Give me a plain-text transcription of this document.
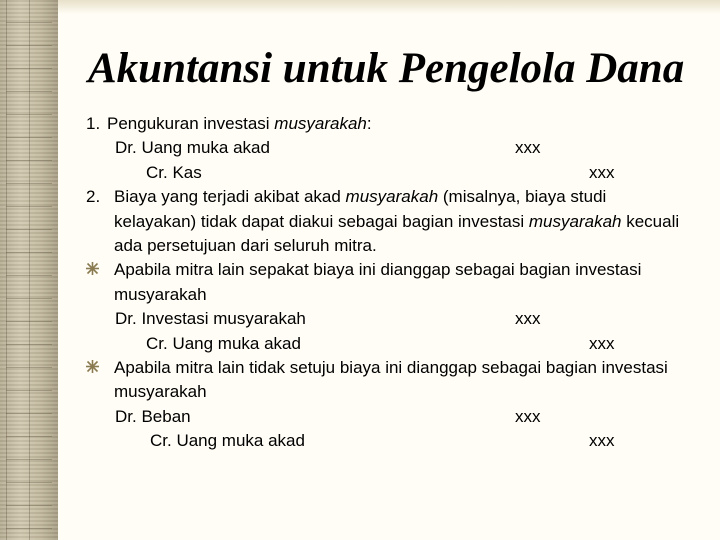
Akuntansi untuk Pengelola Dana
1. Pengukuran investasi musyarakah:
Dr. Uang muka akad	xxx
Cr. Kas	xxx
2. Biaya yang terjadi akibat akad musyarakah (misalnya, biaya studi kelayakan) tidak dapat diakui sebagai bagian investasi musyarakah kecuali ada persetujuan dari seluruh mitra.
Apabila mitra lain sepakat biaya ini dianggap sebagai bagian investasi musyarakah
Dr. Investasi musyarakah	xxx
Cr. Uang muka akad	xxx
Apabila mitra lain tidak setuju biaya ini dianggap sebagai bagian investasi musyarakah
Dr. Beban	xxx
Cr. Uang muka akad	xxx
